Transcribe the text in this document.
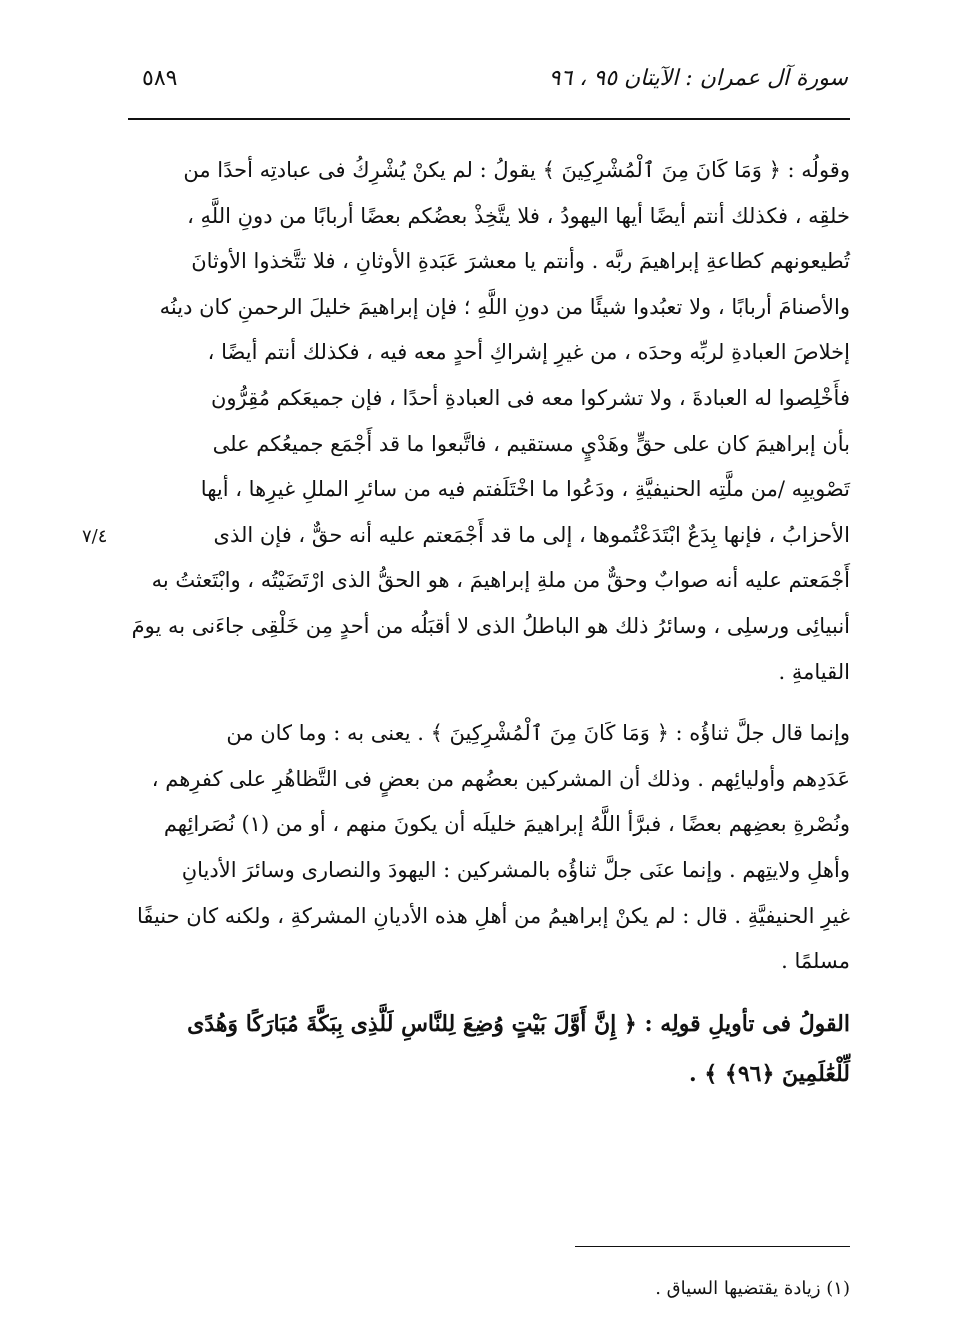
٥٨٩	سورة آل عمران : الآيتان ٩٥ ، ٩٦
٧/٤

وقولُه : ﴿ وَمَا كَانَ مِنَ ٱلْمُشْرِكِينَ ﴾ يقولُ : لم يكنْ يُشْرِكُ فى عبادتِه أحدًا من

خلقِه ، فكذلك أنتم أيضًا أيها اليهودُ ، فلا يتَّخِذْ بعضُكم بعضًا أربابًا من دونِ اللَّهِ ،

تُطيعونهم كطاعةِ إبراهيمَ ربَّه . وأنتم يا معشرَ عَبَدةِ الأوثانِ ، فلا تتَّخذوا الأوثانَ

والأصنامَ أربابًا ، ولا تعبُدوا شيئًا من دونِ اللَّهِ ؛ فإن إبراهيمَ خليلَ الرحمنِ كان دينُه

إخلاصَ العبادةِ لربِّه وحدَه ، من غيرِ إشراكِ أحدٍ معه فيه ، فكذلك أنتم أيضًا ،

فأَخْلِصوا له العبادةَ ، ولا تشركوا معه فى العبادةِ أحدًا ، فإن جميعَكم مُقِرُّون

بأن إبراهيمَ كان على حقٍّ وهَدْيٍ مستقيم ، فاتَّبعوا ما قد أَجْمَع جميعُكم على

تَصْويبِه /من ملَّتِه الحنيفيَّةِ ، ودَعُوا ما اخْتَلَفتم فيه من سائرِ المللِ غيرِها ، أيها

الأحزابُ ، فإنها بِدَعٌ ابْتَدَعْتُموها ، إلى ما قد أَجْمَعتم عليه أنه حقٌّ ، فإن الذى

أَجْمَعتم عليه أنه صوابٌ وحقٌّ من ملةِ إبراهيمَ ، هو الحقُّ الذى ارْتَضَيْتُه ، وابْتَعثتُ به

أنبيائِى ورسلِى ، وسائرُ ذلك هو الباطلُ الذى لا أقبَلُه من أحدٍ مِن خَلْقِى جاءَنى به يومَ

القيامةِ .

وإنما قال جلَّ ثناؤُه : ﴿ وَمَا كَانَ مِنَ ٱلْمُشْرِكِينَ ﴾ . يعنى به : وما كان من

عَدَدِهم وأوليائِهم . وذلك أن المشركين بعضُهم من بعضٍ فى التَّظاهُرِ على كفرِهم ،

ونُصْرةِ بعضِهم بعضًا ، فبرَّأ اللَّهُ إبراهيمَ خليلَه أن يكونَ منهم ، أو من (١) نُصَرائِهم

وأهلِ ولايتِهم . وإنما عنَى جلَّ ثناؤُه بالمشركين : اليهودَ والنصارى وسائرَ الأديانِ

غيرِ الحنيفيَّةِ . قال : لم يكنْ إبراهيمُ من أهلِ هذه الأديانِ المشركةِ ، ولكنه كان حنيفًا

مسلمًا .

القولُ فى تأويلِ قولِه : ﴿ إِنَّ أَوَّلَ بَيْتٍ وُضِعَ لِلنَّاسِ لَلَّذِى بِبَكَّةَ مُبَارَكًا وَهُدًى
لِّلْعَٰلَمِينَ ﴿٩٦﴾ ﴾ .
(١) زيادة يقتضيها السياق .
